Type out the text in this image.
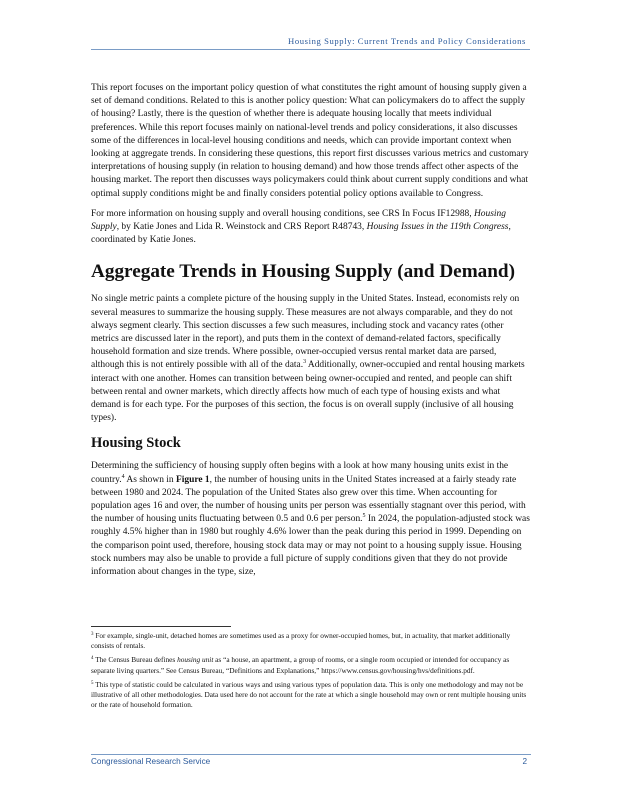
Housing Supply: Current Trends and Policy Considerations

This report focuses on the important policy question of what constitutes the right amount of housing supply given a set of demand conditions. Related to this is another policy question: What can policymakers do to affect the supply of housing? Lastly, there is the question of whether there is adequate housing locally that meets individual preferences. While this report focuses mainly on national-level trends and policy considerations, it also discusses some of the differences in local-level housing conditions and needs, which can provide important context when looking at aggregate trends. In considering these questions, this report first discusses various metrics and customary interpretations of housing supply (in relation to housing demand) and how those trends affect other aspects of the housing market. The report then discusses ways policymakers could think about current supply conditions and what optimal supply conditions might be and finally considers potential policy options available to Congress.

For more information on housing supply and overall housing conditions, see CRS In Focus IF12988, Housing Supply, by Katie Jones and Lida R. Weinstock and CRS Report R48743, Housing Issues in the 119th Congress, coordinated by Katie Jones.

Aggregate Trends in Housing Supply (and Demand)

No single metric paints a complete picture of the housing supply in the United States. Instead, economists rely on several measures to summarize the housing supply. These measures are not always comparable, and they do not always segment clearly. This section discusses a few such measures, including stock and vacancy rates (other metrics are discussed later in the report), and puts them in the context of demand-related factors, specifically household formation and size trends. Where possible, owner-occupied versus rental market data are parsed, although this is not entirely possible with all of the data.$^3$ Additionally, owner-occupied and rental housing markets interact with one another. Homes can transition between being owner-occupied and rented, and people can shift between rental and owner markets, which directly affects how much of each type of housing exists and what demand is for each type. For the purposes of this section, the focus is on overall supply (inclusive of all housing types).

Housing Stock

Determining the sufficiency of housing supply often begins with a look at how many housing units exist in the country.$^4$ As shown in Figure 1, the number of housing units in the United States increased at a fairly steady rate between 1980 and 2024. The population of the United States also grew over this time. When accounting for population ages 16 and over, the number of housing units per person was essentially stagnant over this period, with the number of housing units fluctuating between 0.5 and 0.6 per person.$^5$ In 2024, the population-adjusted stock was roughly 4.5% higher than in 1980 but roughly 4.6% lower than the peak during this period in 1999. Depending on the comparison point used, therefore, housing stock data may or may not point to a housing supply issue. Housing stock numbers may also be unable to provide a full picture of supply conditions given that they do not provide information about changes in the type, size,

$^3$ For example, single-unit, detached homes are sometimes used as a proxy for owner-occupied homes, but, in actuality, that market additionally consists of rentals.

$^4$ The Census Bureau defines housing unit as “a house, an apartment, a group of rooms, or a single room occupied or intended for occupancy as separate living quarters.” See Census Bureau, “Definitions and Explanations,” https://www.census.gov/housing/hvs/definitions.pdf.

$^5$ This type of statistic could be calculated in various ways and using various types of population data. This is only one methodology and may not be illustrative of all other methodologies. Data used here do not account for the rate at which a single household may own or rent multiple housing units or the rate of household formation.

Congressional Research Service	2
